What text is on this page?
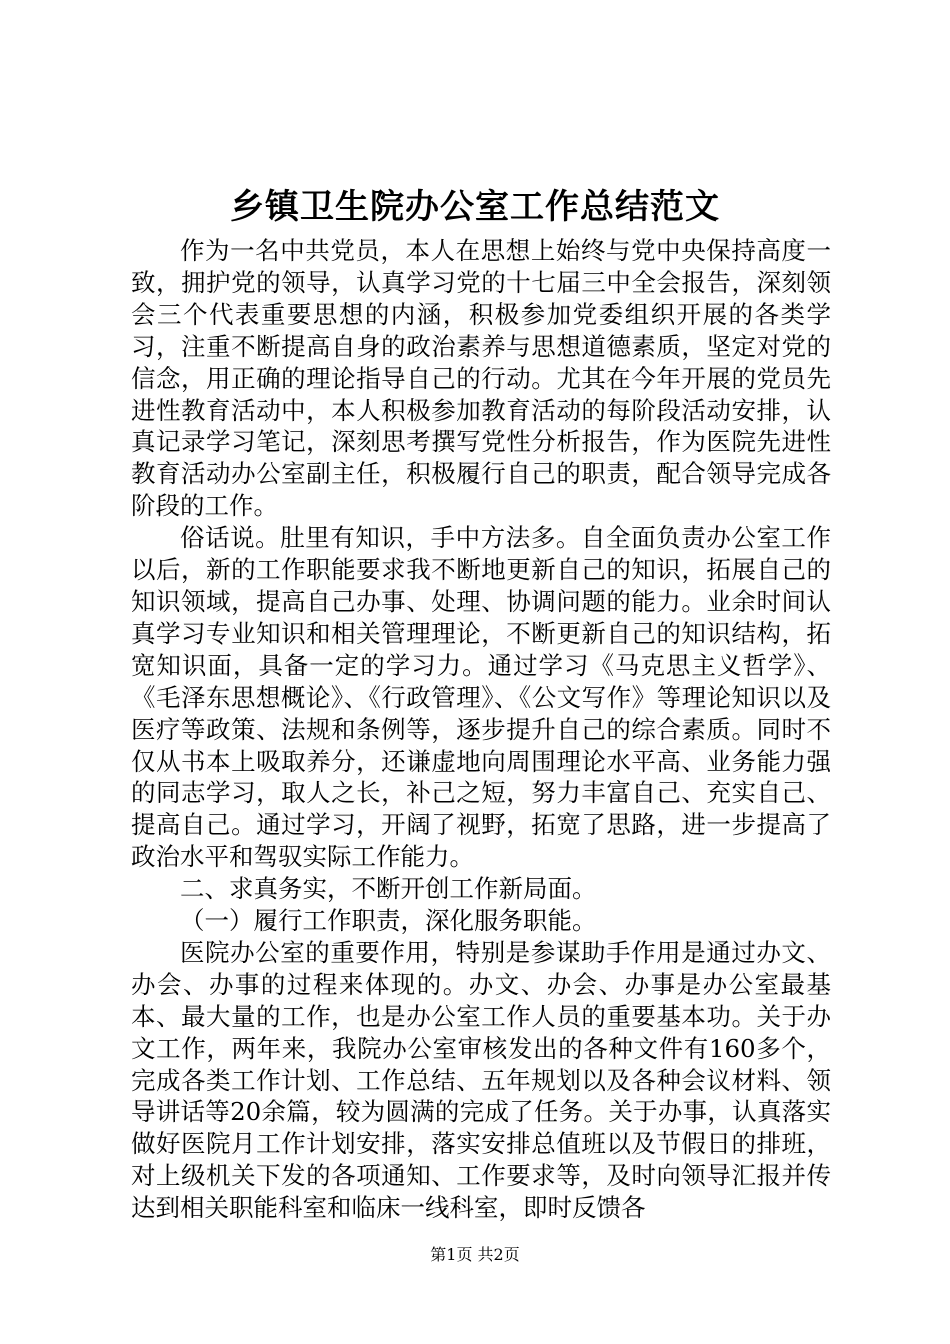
乡镇卫生院办公室工作总结范文

作为一名中共党员，本人在思想上始终与党中央保持高度一致，拥护党的领导，认真学习党的十七届三中全会报告，深刻领会三个代表重要思想的内涵，积极参加党委组织开展的各类学习，注重不断提高自身的政治素养与思想道德素质，坚定对党的信念，用正确的理论指导自己的行动。尤其在今年开展的党员先进性教育活动中，本人积极参加教育活动的每阶段活动安排，认真记录学习笔记，深刻思考撰写党性分析报告，作为医院先进性教育活动办公室副主任，积极履行自己的职责，配合领导完成各阶段的工作。

俗话说。肚里有知识，手中方法多。自全面负责办公室工作以后，新的工作职能要求我不断地更新自己的知识，拓展自己的知识领域，提高自己办事、处理、协调问题的能力。业余时间认真学习专业知识和相关管理理论，不断更新自己的知识结构，拓宽知识面，具备一定的学习力。通过学习《马克思主义哲学》、《毛泽东思想概论》、《行政管理》、《公文写作》等理论知识以及医疗等政策、法规和条例等，逐步提升自己的综合素质。同时不仅从书本上吸取养分，还谦虚地向周围理论水平高、业务能力强的同志学习，取人之长，补己之短，努力丰富自己、充实自己、提高自己。通过学习，开阔了视野，拓宽了思路，进一步提高了政治水平和驾驭实际工作能力。

二、求真务实，不断开创工作新局面。

（一）履行工作职责，深化服务职能。

医院办公室的重要作用，特别是参谋助手作用是通过办文、办会、办事的过程来体现的。办文、办会、办事是办公室最基本、最大量的工作，也是办公室工作人员的重要基本功。关于办文工作，两年来，我院办公室审核发出的各种文件有160多个，完成各类工作计划、工作总结、五年规划以及各种会议材料、领导讲话等20余篇，较为圆满的完成了任务。关于办事，认真落实做好医院月工作计划安排，落实安排总值班以及节假日的排班，对上级机关下发的各项通知、工作要求等，及时向领导汇报并传达到相关职能科室和临床一线科室，即时反馈各

第1页 共2页
